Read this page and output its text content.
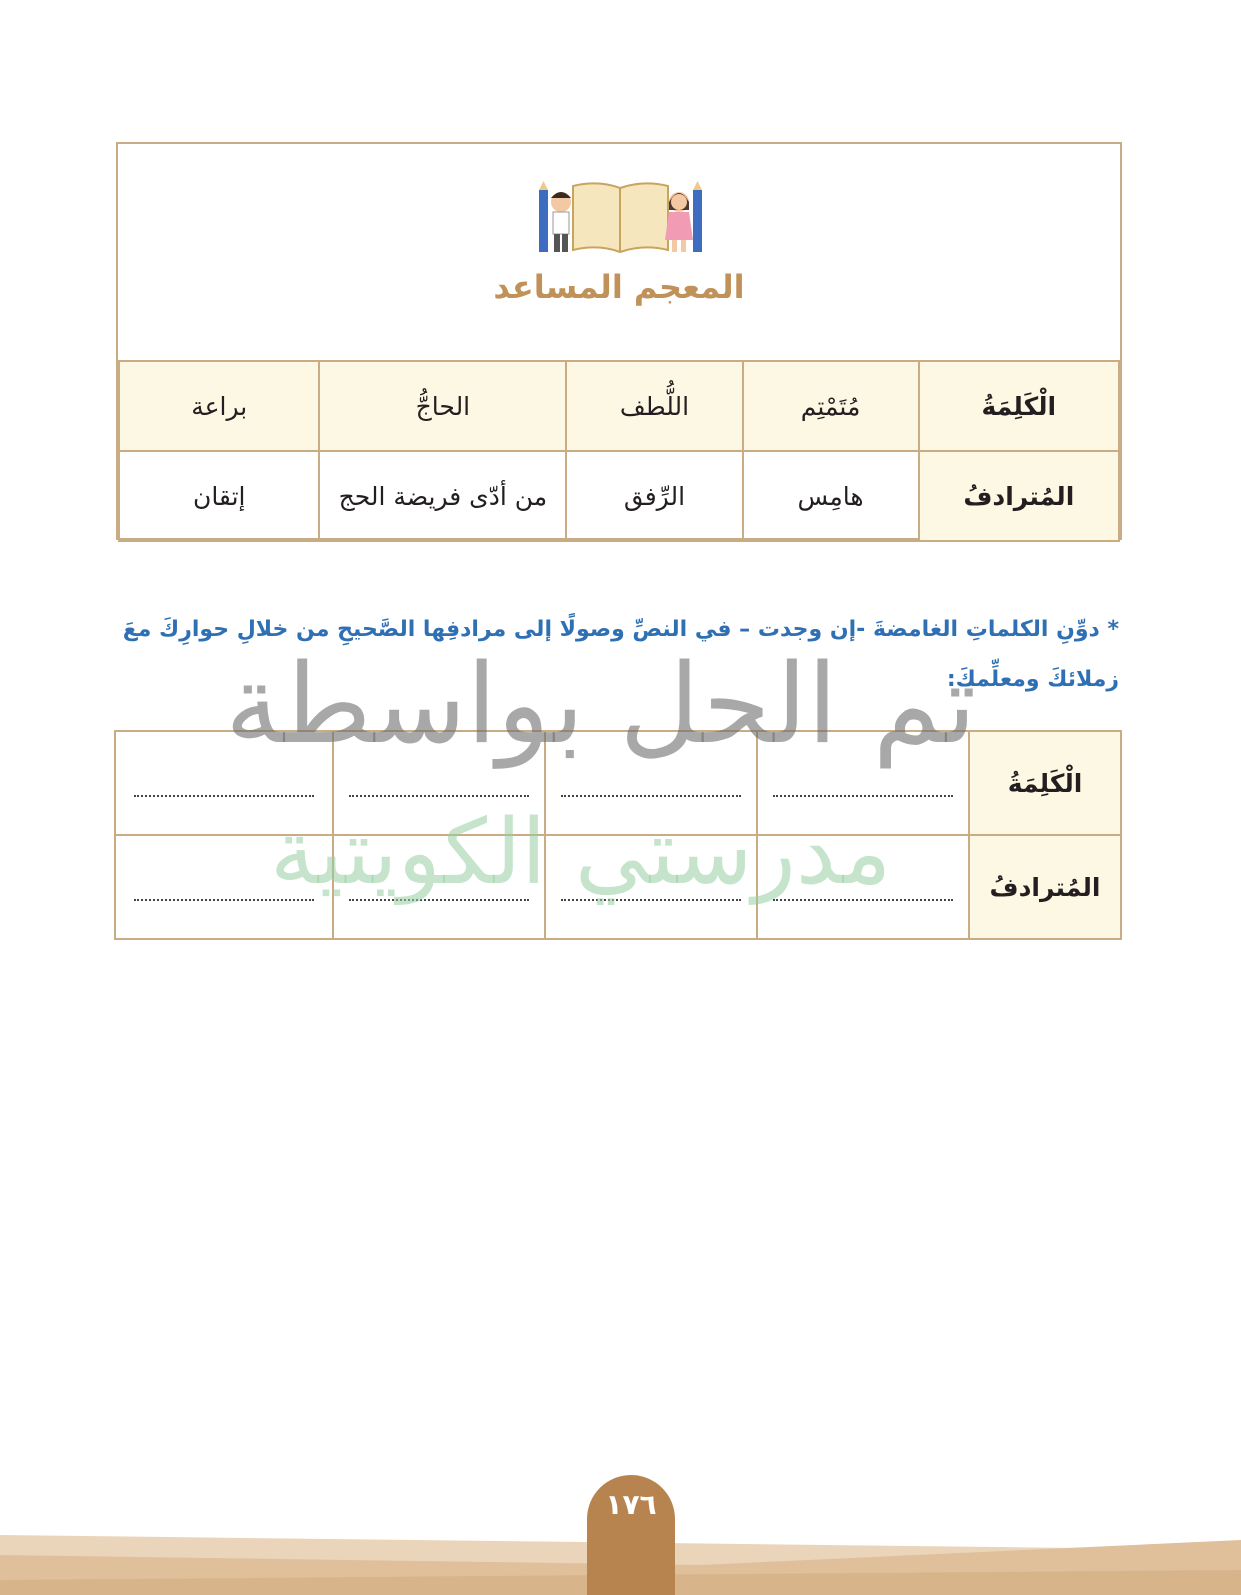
المعجم المساعد
الْكَلِمَةُ	مُتَمْتِم	اللُّطف	الحاجُّ	براعة
المُترادفُ	هامِس	الرِّفق	من أدّى فريضة الحج	إتقان
* دوِّنِ الكلماتِ الغامضةَ -إن وجدت – في النصِّ وصولًا إلى مرادفِها الصَّحيحِ من خلالِ حوارِكَ معَ زملائكَ ومعلِّمكَ:
الْكَلِمَةُ				
المُترادفُ				
تم الحل بواسطة
مدرستي الكويتية
١٧٦
